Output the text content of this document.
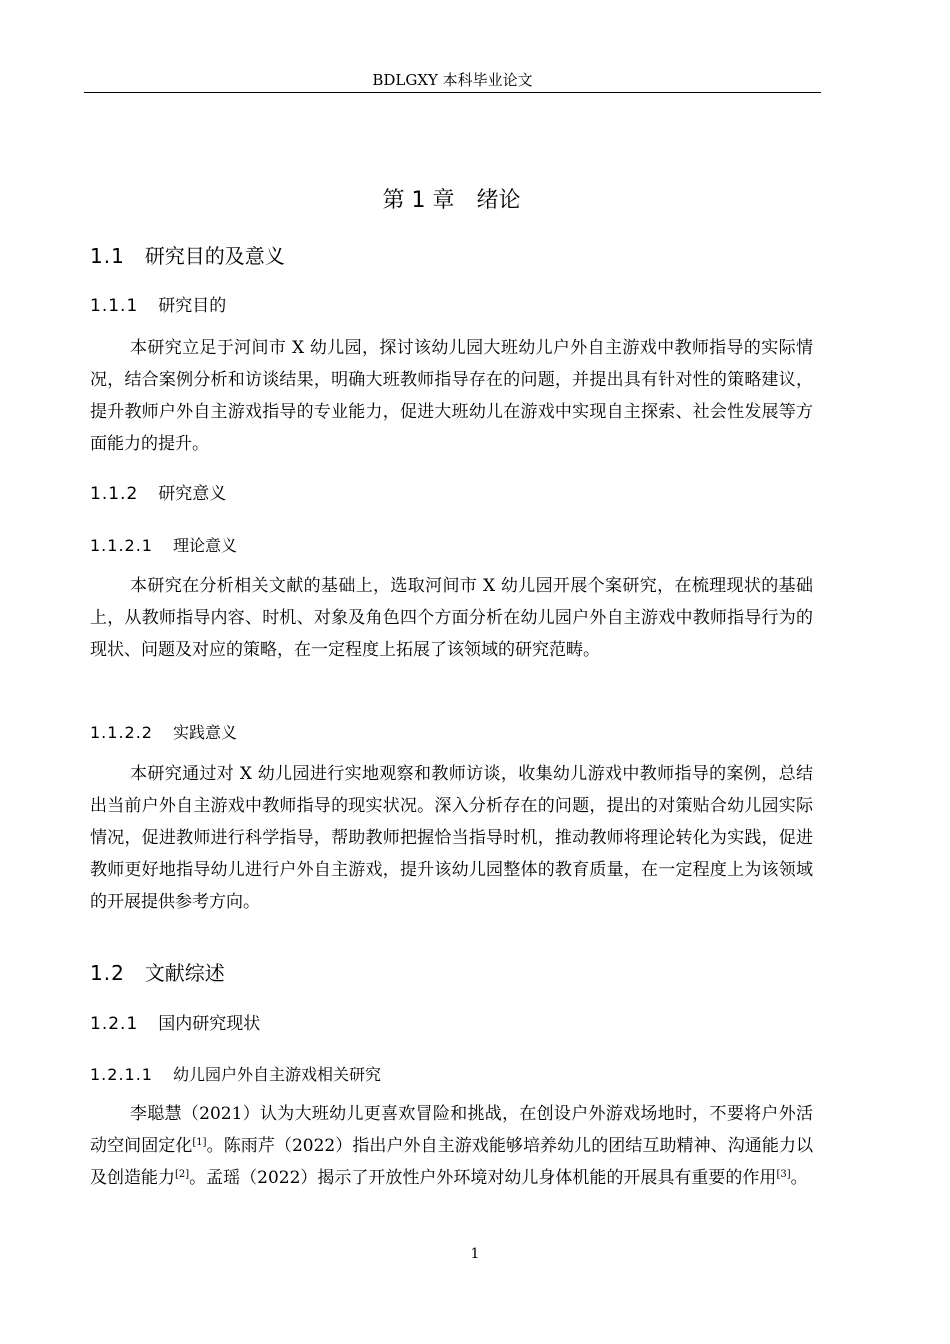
BDLGXY 本科毕业论文
第 1 章　绪论
1.1 研究目的及意义
1.1.1 研究目的

本研究立足于河间市 X 幼儿园，探讨该幼儿园大班幼儿户外自主游戏中教师指导的实际情况，结合案例分析和访谈结果，明确大班教师指导存在的问题，并提出具有针对性的策略建议，提升教师户外自主游戏指导的专业能力，促进大班幼儿在游戏中实现自主探索、社会性发展等方面能力的提升。

1.1.2 研究意义
1.1.2.1 理论意义

本研究在分析相关文献的基础上，选取河间市 X 幼儿园开展个案研究，在梳理现状的基础上，从教师指导内容、时机、对象及角色四个方面分析在幼儿园户外自主游戏中教师指导行为的现状、问题及对应的策略，在一定程度上拓展了该领域的研究范畴。

1.1.2.2 实践意义

本研究通过对 X 幼儿园进行实地观察和教师访谈，收集幼儿游戏中教师指导的案例，总结出当前户外自主游戏中教师指导的现实状况。深入分析存在的问题，提出的对策贴合幼儿园实际情况，促进教师进行科学指导，帮助教师把握恰当指导时机，推动教师将理论转化为实践，促进教师更好地指导幼儿进行户外自主游戏，提升该幼儿园整体的教育质量，在一定程度上为该领域的开展提供参考方向。

1.2 文献综述
1.2.1 国内研究现状
1.2.1.1 幼儿园户外自主游戏相关研究

李聪慧（2021）认为大班幼儿更喜欢冒险和挑战，在创设户外游戏场地时，不要将户外活动空间固定化[1]。陈雨芹（2022）指出户外自主游戏能够培养幼儿的团结互助精神、沟通能力以及创造能力[2]。孟瑶（2022）揭示了开放性户外环境对幼儿身体机能的开展具有重要的作用[3]。

1
